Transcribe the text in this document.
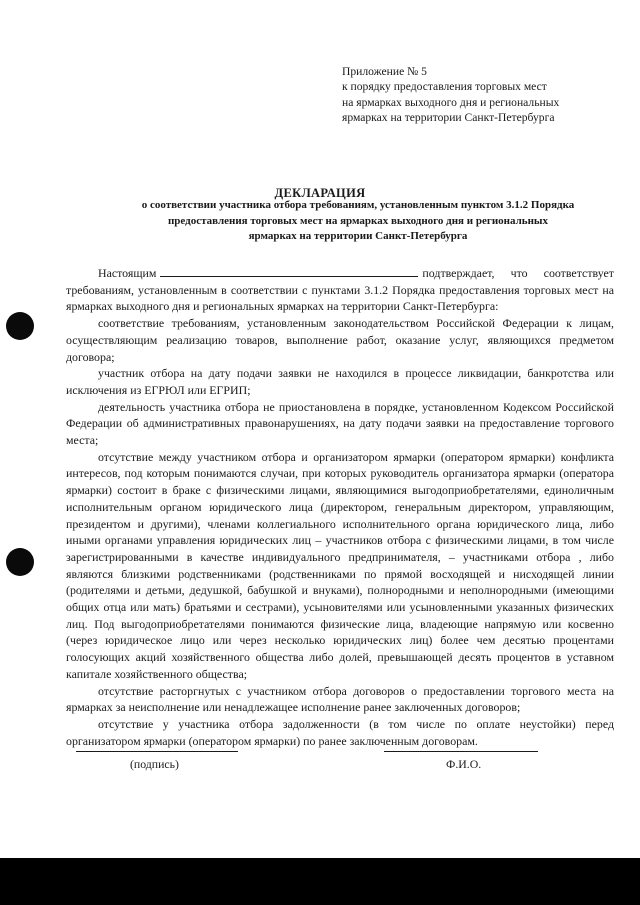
Приложение № 5
к порядку предоставления торговых мест
на ярмарках выходного дня и региональных
ярмарках на территории Санкт-Петербурга
ДЕКЛАРАЦИЯ
о соответствии участника отбора требованиям, установленным пунктом 3.1.2 Порядка
предоставления торговых мест на ярмарках выходного дня и региональных
ярмарках на территории Санкт-Петербурга

Настоящим	подтверждает, что соответствует требованиям, установленным в соответствии с пунктами 3.1.2 Порядка предоставления торговых мест на ярмарках выходного дня и региональных ярмарках на территории Санкт-Петербурга:

соответствие требованиям, установленным законодательством Российской Федерации к лицам, осуществляющим реализацию товаров, выполнение работ, оказание услуг, являющихся предметом договора;

участник отбора на дату подачи заявки не находился в процессе ликвидации, банкротства или исключения из ЕГРЮЛ или ЕГРИП;

деятельность участника отбора не приостановлена в порядке, установленном Кодексом Российской Федерации об административных правонарушениях, на дату подачи заявки на предоставление торгового места;

отсутствие между участником отбора и организатором ярмарки (оператором ярмарки) конфликта интересов, под которым понимаются случаи, при которых руководитель организатора ярмарки (оператора ярмарки) состоит в браке с физическими лицами, являющимися выгодоприобретателями, единоличным исполнительным органом юридического лица (директором, генеральным директором, управляющим, президентом и другими), членами коллегиального исполнительного органа юридического лица, либо иными органами управления юридических лиц – участников отбора с физическими лицами, в том числе зарегистрированными в качестве индивидуального предпринимателя, – участниками отбора , либо являются близкими родственниками (родственниками по прямой восходящей и нисходящей линии (родителями и детьми, дедушкой, бабушкой и внуками), полнородными и неполнородными (имеющими общих отца или мать) братьями и сестрами), усыновителями или усыновленными указанных физических лиц. Под выгодоприобретателями понимаются физические лица, владеющие напрямую или косвенно (через юридическое лицо или через несколько юридических лиц) более чем десятью процентами голосующих акций хозяйственного общества либо долей, превышающей десять процентов в уставном капитале хозяйственного общества;

отсутствие расторгнутых с участником отбора договоров о предоставлении торгового места на ярмарках за неисполнение или ненадлежащее исполнение ранее заключенных договоров;

отсутствие у участника отбора задолженности (в том числе по оплате неустойки) перед организатором ярмарки (оператором ярмарки) по ранее заключенным договорам.

(подпись)	Ф.И.О.
